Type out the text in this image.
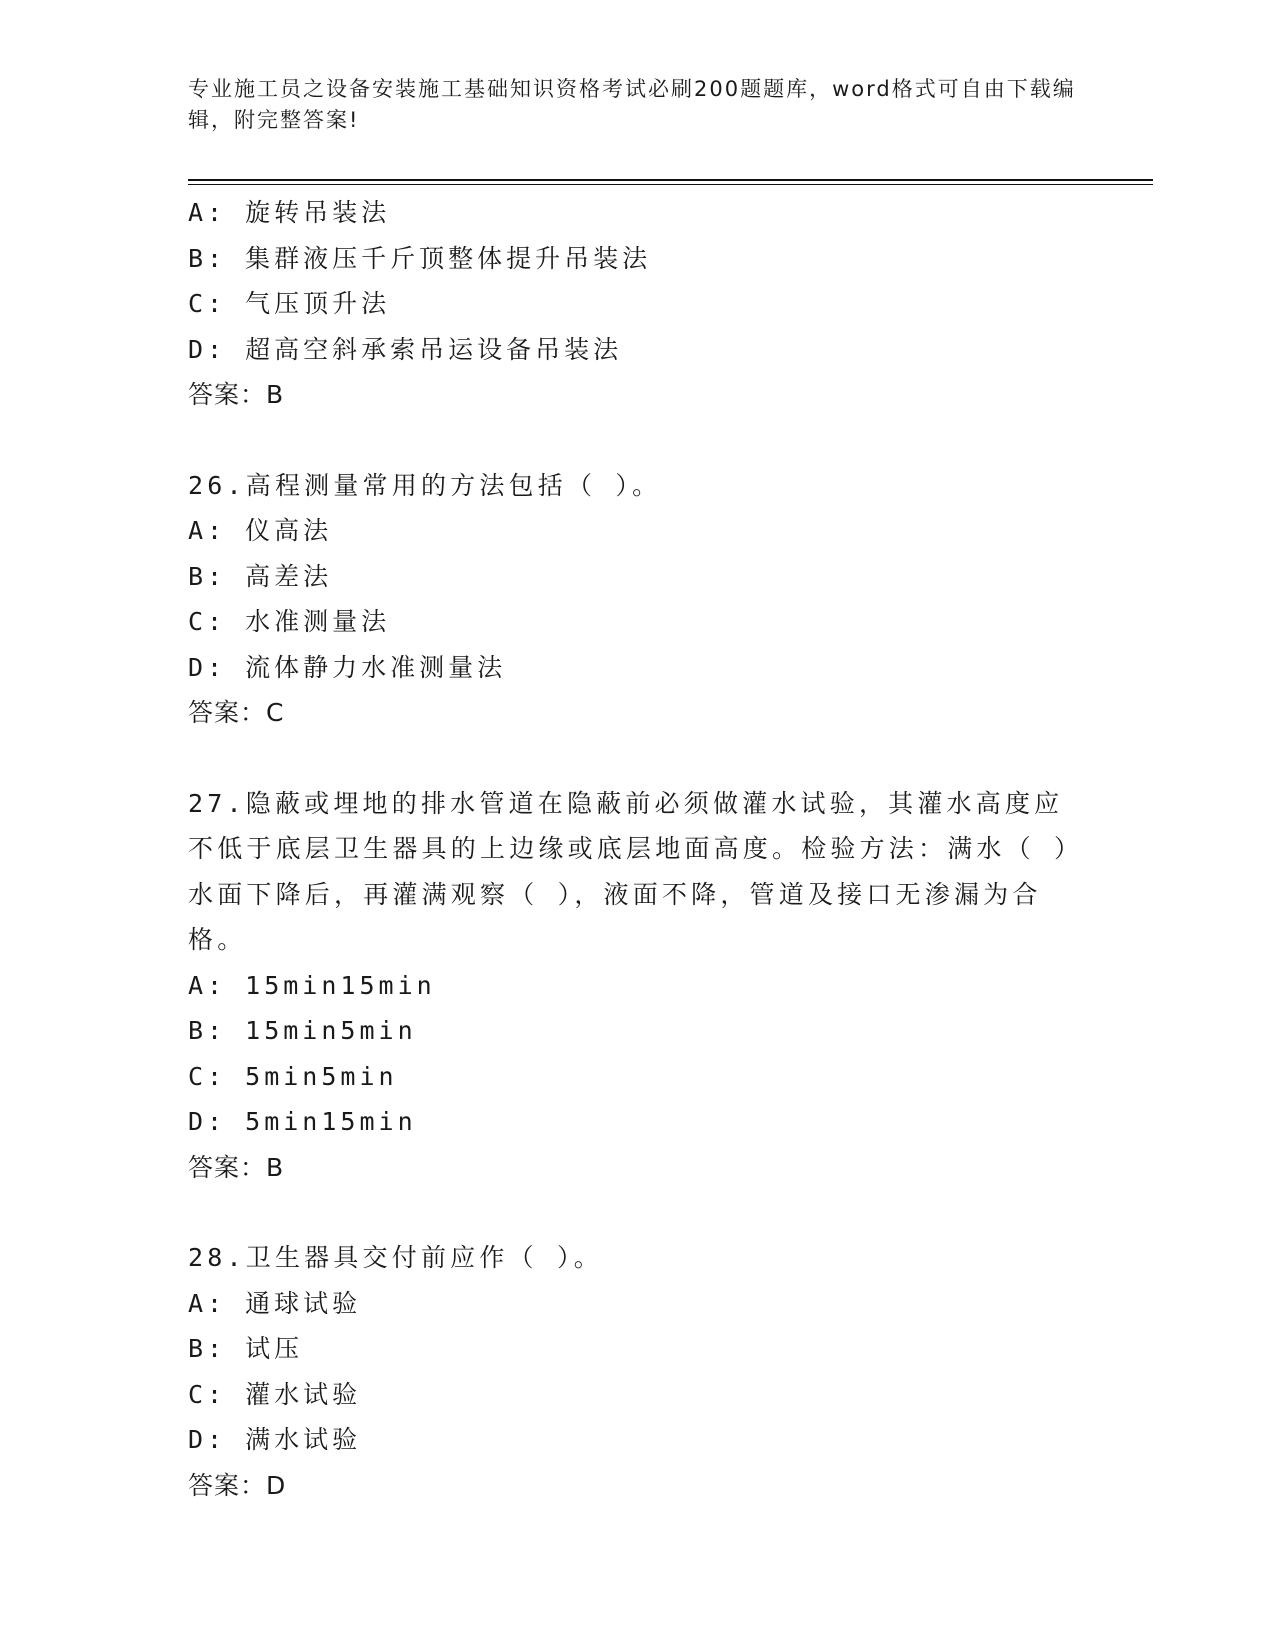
专业施工员之设备安装施工基础知识资格考试必刷200题题库，word格式可自由下载编辑，附完整答案!
A: 旋转吊装法
B: 集群液压千斤顶整体提升吊装法
C: 气压顶升法
D: 超高空斜承索吊运设备吊装法
答案：B

26.高程测量常用的方法包括（ ）。

A: 仪高法
B: 高差法
C: 水准测量法
D: 流体静力水准测量法
答案：C

27.隐蔽或埋地的排水管道在隐蔽前必须做灌水试验，其灌水高度应不低于底层卫生器具的上边缘或底层地面高度。检验方法：满水（ ）水面下降后，再灌满观察（ ），液面不降，管道及接口无渗漏为合格。

A: 15min15min
B: 15min5min
C: 5min5min
D: 5min15min
答案：B

28.卫生器具交付前应作（ ）。

A: 通球试验
B: 试压
C: 灌水试验
D: 满水试验
答案：D
